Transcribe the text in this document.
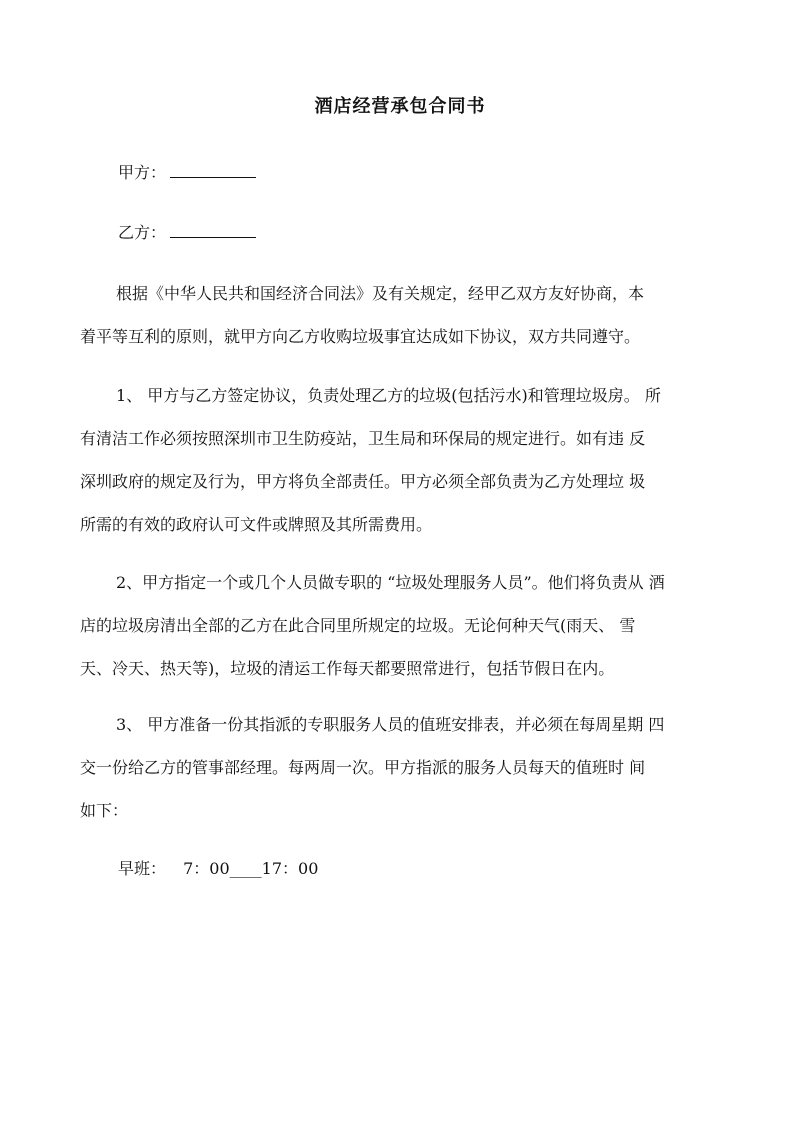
酒店经营承包合同书
甲方：
乙方：

根据《中华人民共和国经济合同法》及有关规定，经甲乙双方友好协商，本

着平等互利的原则，就甲方向乙方收购垃圾事宜达成如下协议，双方共同遵守。

1、 甲方与乙方签定协议，负责处理乙方的垃圾(包括污水)和管理垃圾房。 所

有清洁工作必须按照深圳市卫生防疫站，卫生局和环保局的规定进行。如有违 反

深圳政府的规定及行为，甲方将负全部责任。甲方必须全部负责为乙方处理垃 圾

所需的有效的政府认可文件或牌照及其所需费用。

2、甲方指定一个或几个人员做专职的 “垃圾处理服务人员”。他们将负责从 酒

店的垃圾房清出全部的乙方在此合同里所规定的垃圾。无论何种天气(雨天、 雪

天、冷天、热天等)，垃圾的清运工作每天都要照常进行，包括节假日在内。

3、 甲方准备一份其指派的专职服务人员的值班安排表，并必须在每周星期 四

交一份给乙方的管事部经理。每两周一次。甲方指派的服务人员每天的值班时 间

如下：

早班： 7：00____17：00
